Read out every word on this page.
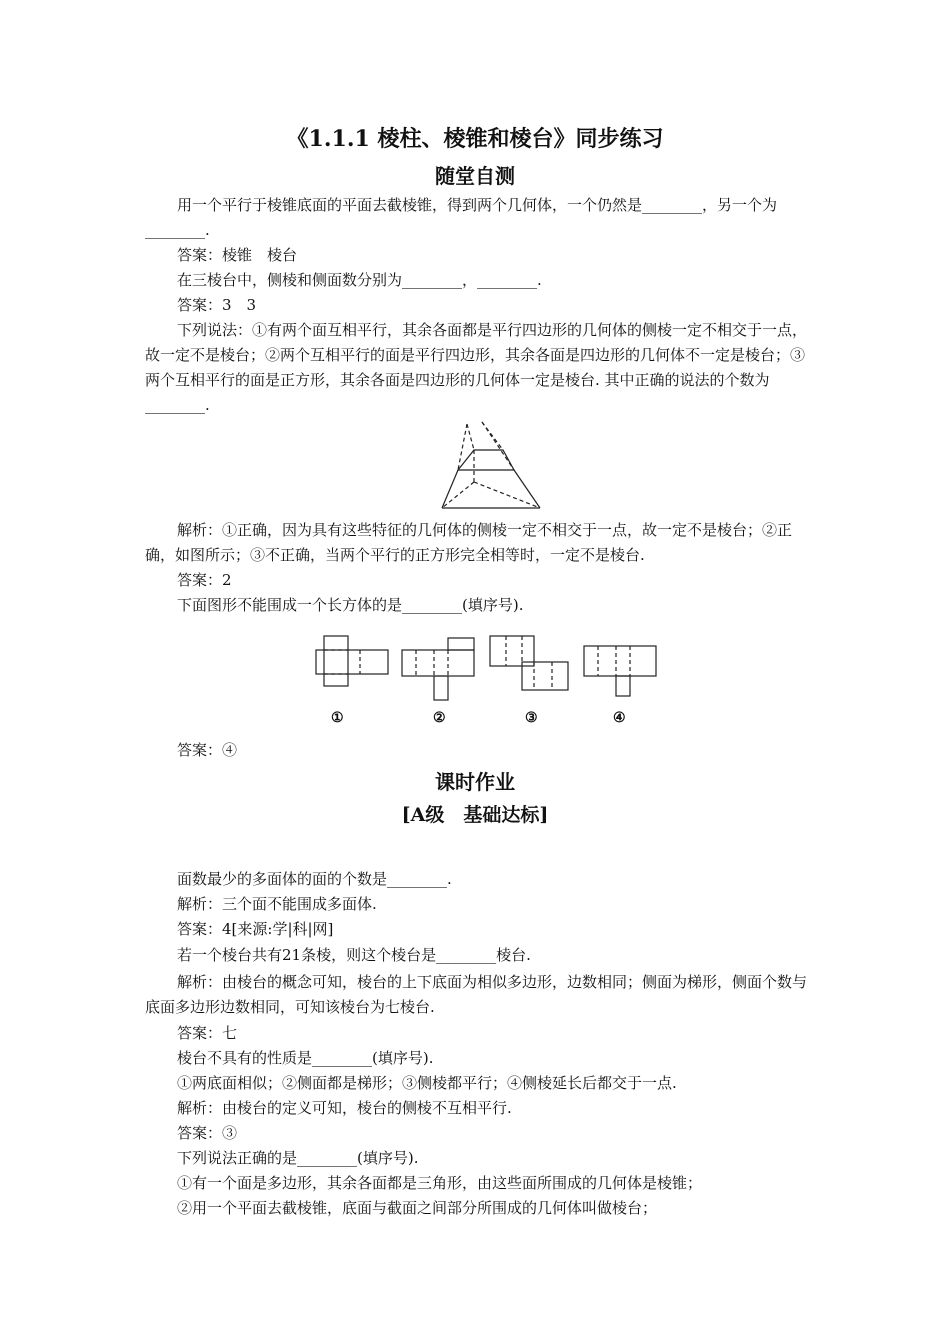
《1.1.1 棱柱、棱锥和棱台》同步练习
随堂自测
用一个平行于棱锥底面的平面去截棱锥，得到两个几何体，一个仍然是________，另一个为________.
答案：棱锥　棱台
在三棱台中，侧棱和侧面数分别为________，________.
答案：3　3
下列说法：①有两个面互相平行，其余各面都是平行四边形的几何体的侧棱一定不相交于一点，故一定不是棱台；②两个互相平行的面是平行四边形，其余各面是四边形的几何体不一定是棱台；③两个互相平行的面是正方形，其余各面是四边形的几何体一定是棱台. 其中正确的说法的个数为________.
解析：①正确，因为具有这些特征的几何体的侧棱一定不相交于一点，故一定不是棱台；②正确，如图所示；③不正确，当两个平行的正方形完全相等时，一定不是棱台.
答案：2
下面图形不能围成一个长方体的是________(填序号).
①	②	③	④
答案：④
课时作业
[A级　基础达标]
面数最少的多面体的面的个数是________.
解析：三个面不能围成多面体.
答案：4[来源:学|科|网]
若一个棱台共有21条棱，则这个棱台是________棱台.
解析：由棱台的概念可知，棱台的上下底面为相似多边形，边数相同；侧面为梯形，侧面个数与底面多边形边数相同，可知该棱台为七棱台.
答案：七
棱台不具有的性质是________(填序号).
①两底面相似；②侧面都是梯形；③侧棱都平行；④侧棱延长后都交于一点.
解析：由棱台的定义可知，棱台的侧棱不互相平行.
答案：③
下列说法正确的是________(填序号).
①有一个面是多边形，其余各面都是三角形，由这些面所围成的几何体是棱锥；
②用一个平面去截棱锥，底面与截面之间部分所围成的几何体叫做棱台；
